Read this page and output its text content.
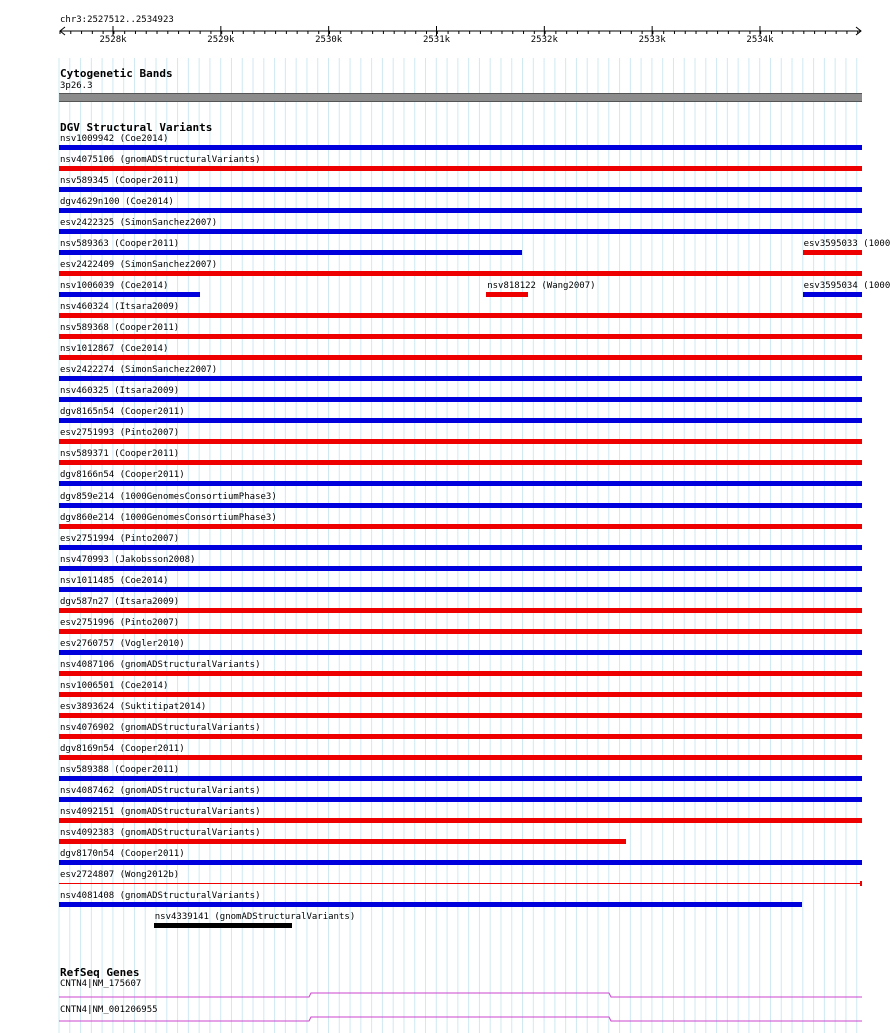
chr3:2527512..2534923
2528k	2529k	2530k	2531k	2532k	2533k	2534k
Cytogenetic Bands
3p26.3
DGV Structural Variants
nsv1009942 (Coe2014)
nsv4075106 (gnomADStructuralVariants)
nsv589345 (Cooper2011)
dgv4629n100 (Coe2014)
esv2422325 (SimonSanchez2007)
nsv589363 (Cooper2011)	esv3595033 (1000
esv2422409 (SimonSanchez2007)
nsv1006039 (Coe2014)	nsv818122 (Wang2007)	esv3595034 (1000
nsv460324 (Itsara2009)
nsv589368 (Cooper2011)
nsv1012867 (Coe2014)
esv2422274 (SimonSanchez2007)
nsv460325 (Itsara2009)
dgv8165n54 (Cooper2011)
esv2751993 (Pinto2007)
nsv589371 (Cooper2011)
dgv8166n54 (Cooper2011)
dgv859e214 (1000GenomesConsortiumPhase3)
dgv860e214 (1000GenomesConsortiumPhase3)
esv2751994 (Pinto2007)
nsv470993 (Jakobsson2008)
nsv1011485 (Coe2014)
dgv587n27 (Itsara2009)
esv2751996 (Pinto2007)
esv2760757 (Vogler2010)
nsv4087106 (gnomADStructuralVariants)
nsv1006501 (Coe2014)
esv3893624 (Suktitipat2014)
nsv4076902 (gnomADStructuralVariants)
dgv8169n54 (Cooper2011)
nsv589388 (Cooper2011)
nsv4087462 (gnomADStructuralVariants)
nsv4092151 (gnomADStructuralVariants)
nsv4092383 (gnomADStructuralVariants)
dgv8170n54 (Cooper2011)
esv2724807 (Wong2012b)
nsv4081408 (gnomADStructuralVariants)
nsv4339141 (gnomADStructuralVariants)
RefSeq Genes
CNTN4|NM_175607
CNTN4|NM_001206955
